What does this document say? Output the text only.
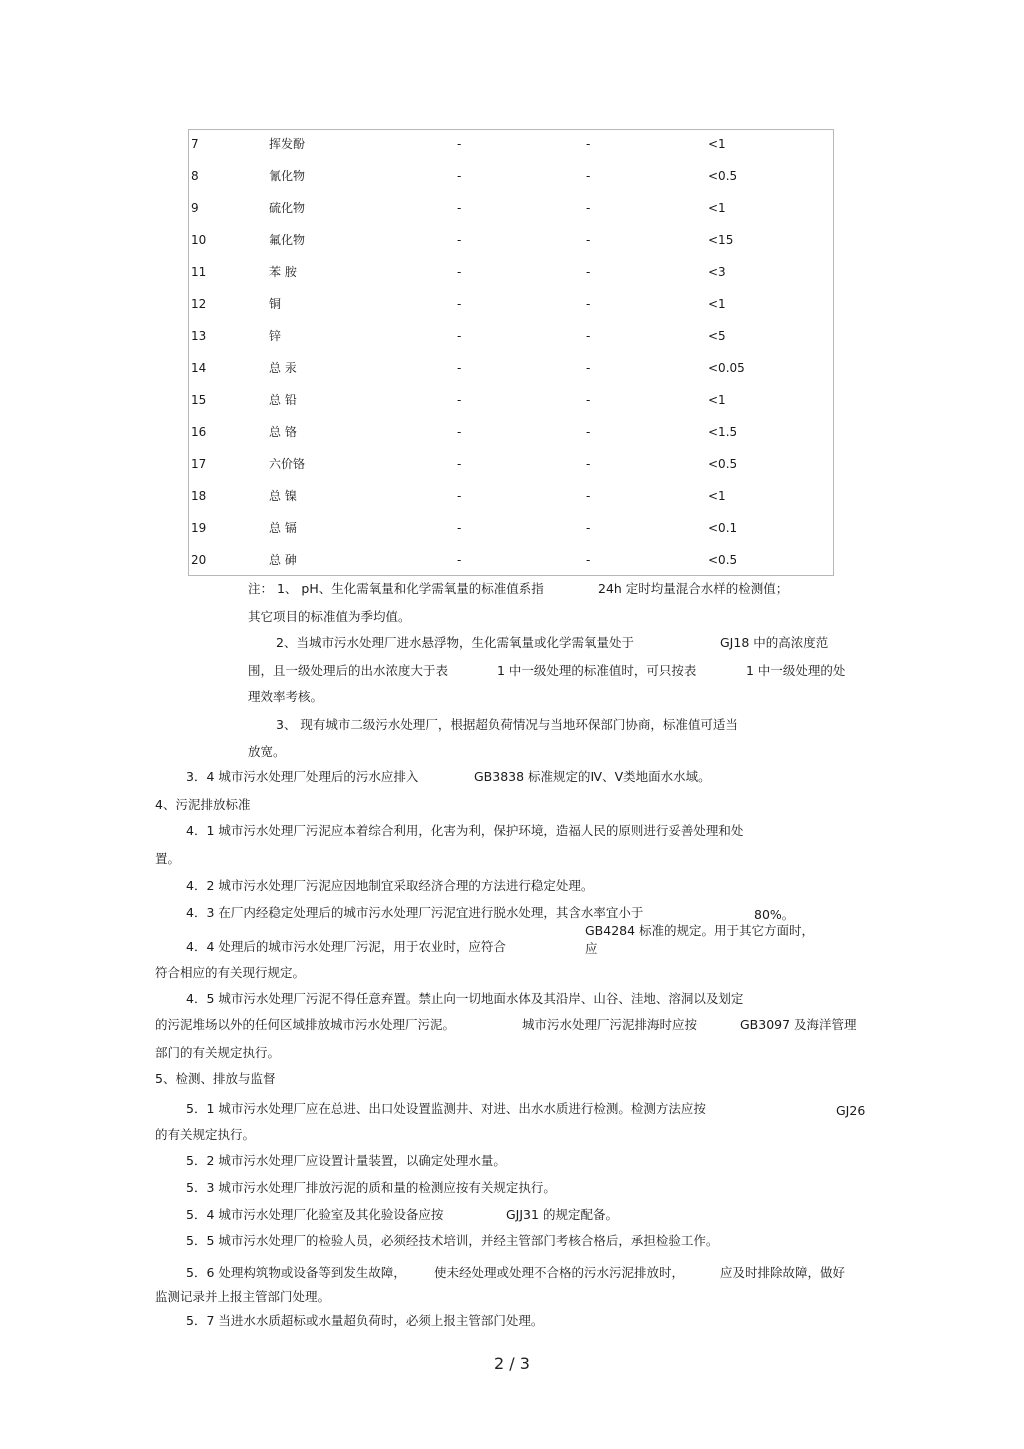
7	挥发酚	-	-	<1
8	氰化物	-	-	<0.5
9	硫化物	-	-	<1
10	氟化物	-	-	<15
11	苯 胺	-	-	<3
12	铜	-	-	<1
13	锌	-	-	<5
14	总 汞	-	-	<0.05
15	总 铅	-	-	<1
16	总 铬	-	-	<1.5
17	六价铬	-	-	<0.5
18	总 镍	-	-	<1
19	总 镉	-	-	<0.1
20	总 砷	-	-	<0.5
注： 1、 pH、生化需氧量和化学需氧量的标准值系指	24h 定时均量混合水样的检测值；
其它项目的标准值为季均值。
2、当城市污水处理厂进水悬浮物，生化需氧量或化学需氧量处于	GJ18 中的高浓度范
围，且一级处理后的出水浓度大于表	1 中一级处理的标准值时，可只按表	1 中一级处理的处
理效率考核。
3、 现有城市二级污水处理厂，根据超负荷情况与当地环保部门协商，标准值可适当
放宽。
3．4 城市污水处理厂处理后的污水应排入	GB3838 标准规定的Ⅳ、Ⅴ类地面水水域。
4、污泥排放标准
4．1 城市污水处理厂污泥应本着综合利用，化害为利，保护环境，造福人民的原则进行妥善处理和处
置。
4．2 城市污水处理厂污泥应因地制宜采取经济合理的方法进行稳定处理。
4．3 在厂内经稳定处理后的城市污水处理厂污泥宜进行脱水处理，其含水率宜小于	80%。
GB4284 标准的规定。用于其它方面时，
4．4 处理后的城市污水处理厂污泥，用于农业时，应符合	应
符合相应的有关现行规定。
4．5 城市污水处理厂污泥不得任意弃置。禁止向一切地面水体及其沿岸、山谷、洼地、溶洞以及划定
的污泥堆场以外的任何区域排放城市污水处理厂污泥。	城市污水处理厂污泥排海时应按	GB3097 及海洋管理
部门的有关规定执行。
5、检测、排放与监督
5．1 城市污水处理厂应在总进、出口处设置监测井、对进、出水水质进行检测。检测方法应按	GJ26
的有关规定执行。
5．2 城市污水处理厂应设置计量装置，以确定处理水量。
5．3 城市污水处理厂排放污泥的质和量的检测应按有关规定执行。
5．4 城市污水处理厂化验室及其化验设备应按	GJJ31 的规定配备。
5．5 城市污水处理厂的检验人员，必须经技术培训，并经主管部门考核合格后，承担检验工作。
5．6 处理构筑物或设备等到发生故障， 使未经处理或处理不合格的污水污泥排放时，	应及时排除故障，做好
监测记录并上报主管部门处理。
5．7 当进水水质超标或水量超负荷时，必须上报主管部门处理。
2 / 3
